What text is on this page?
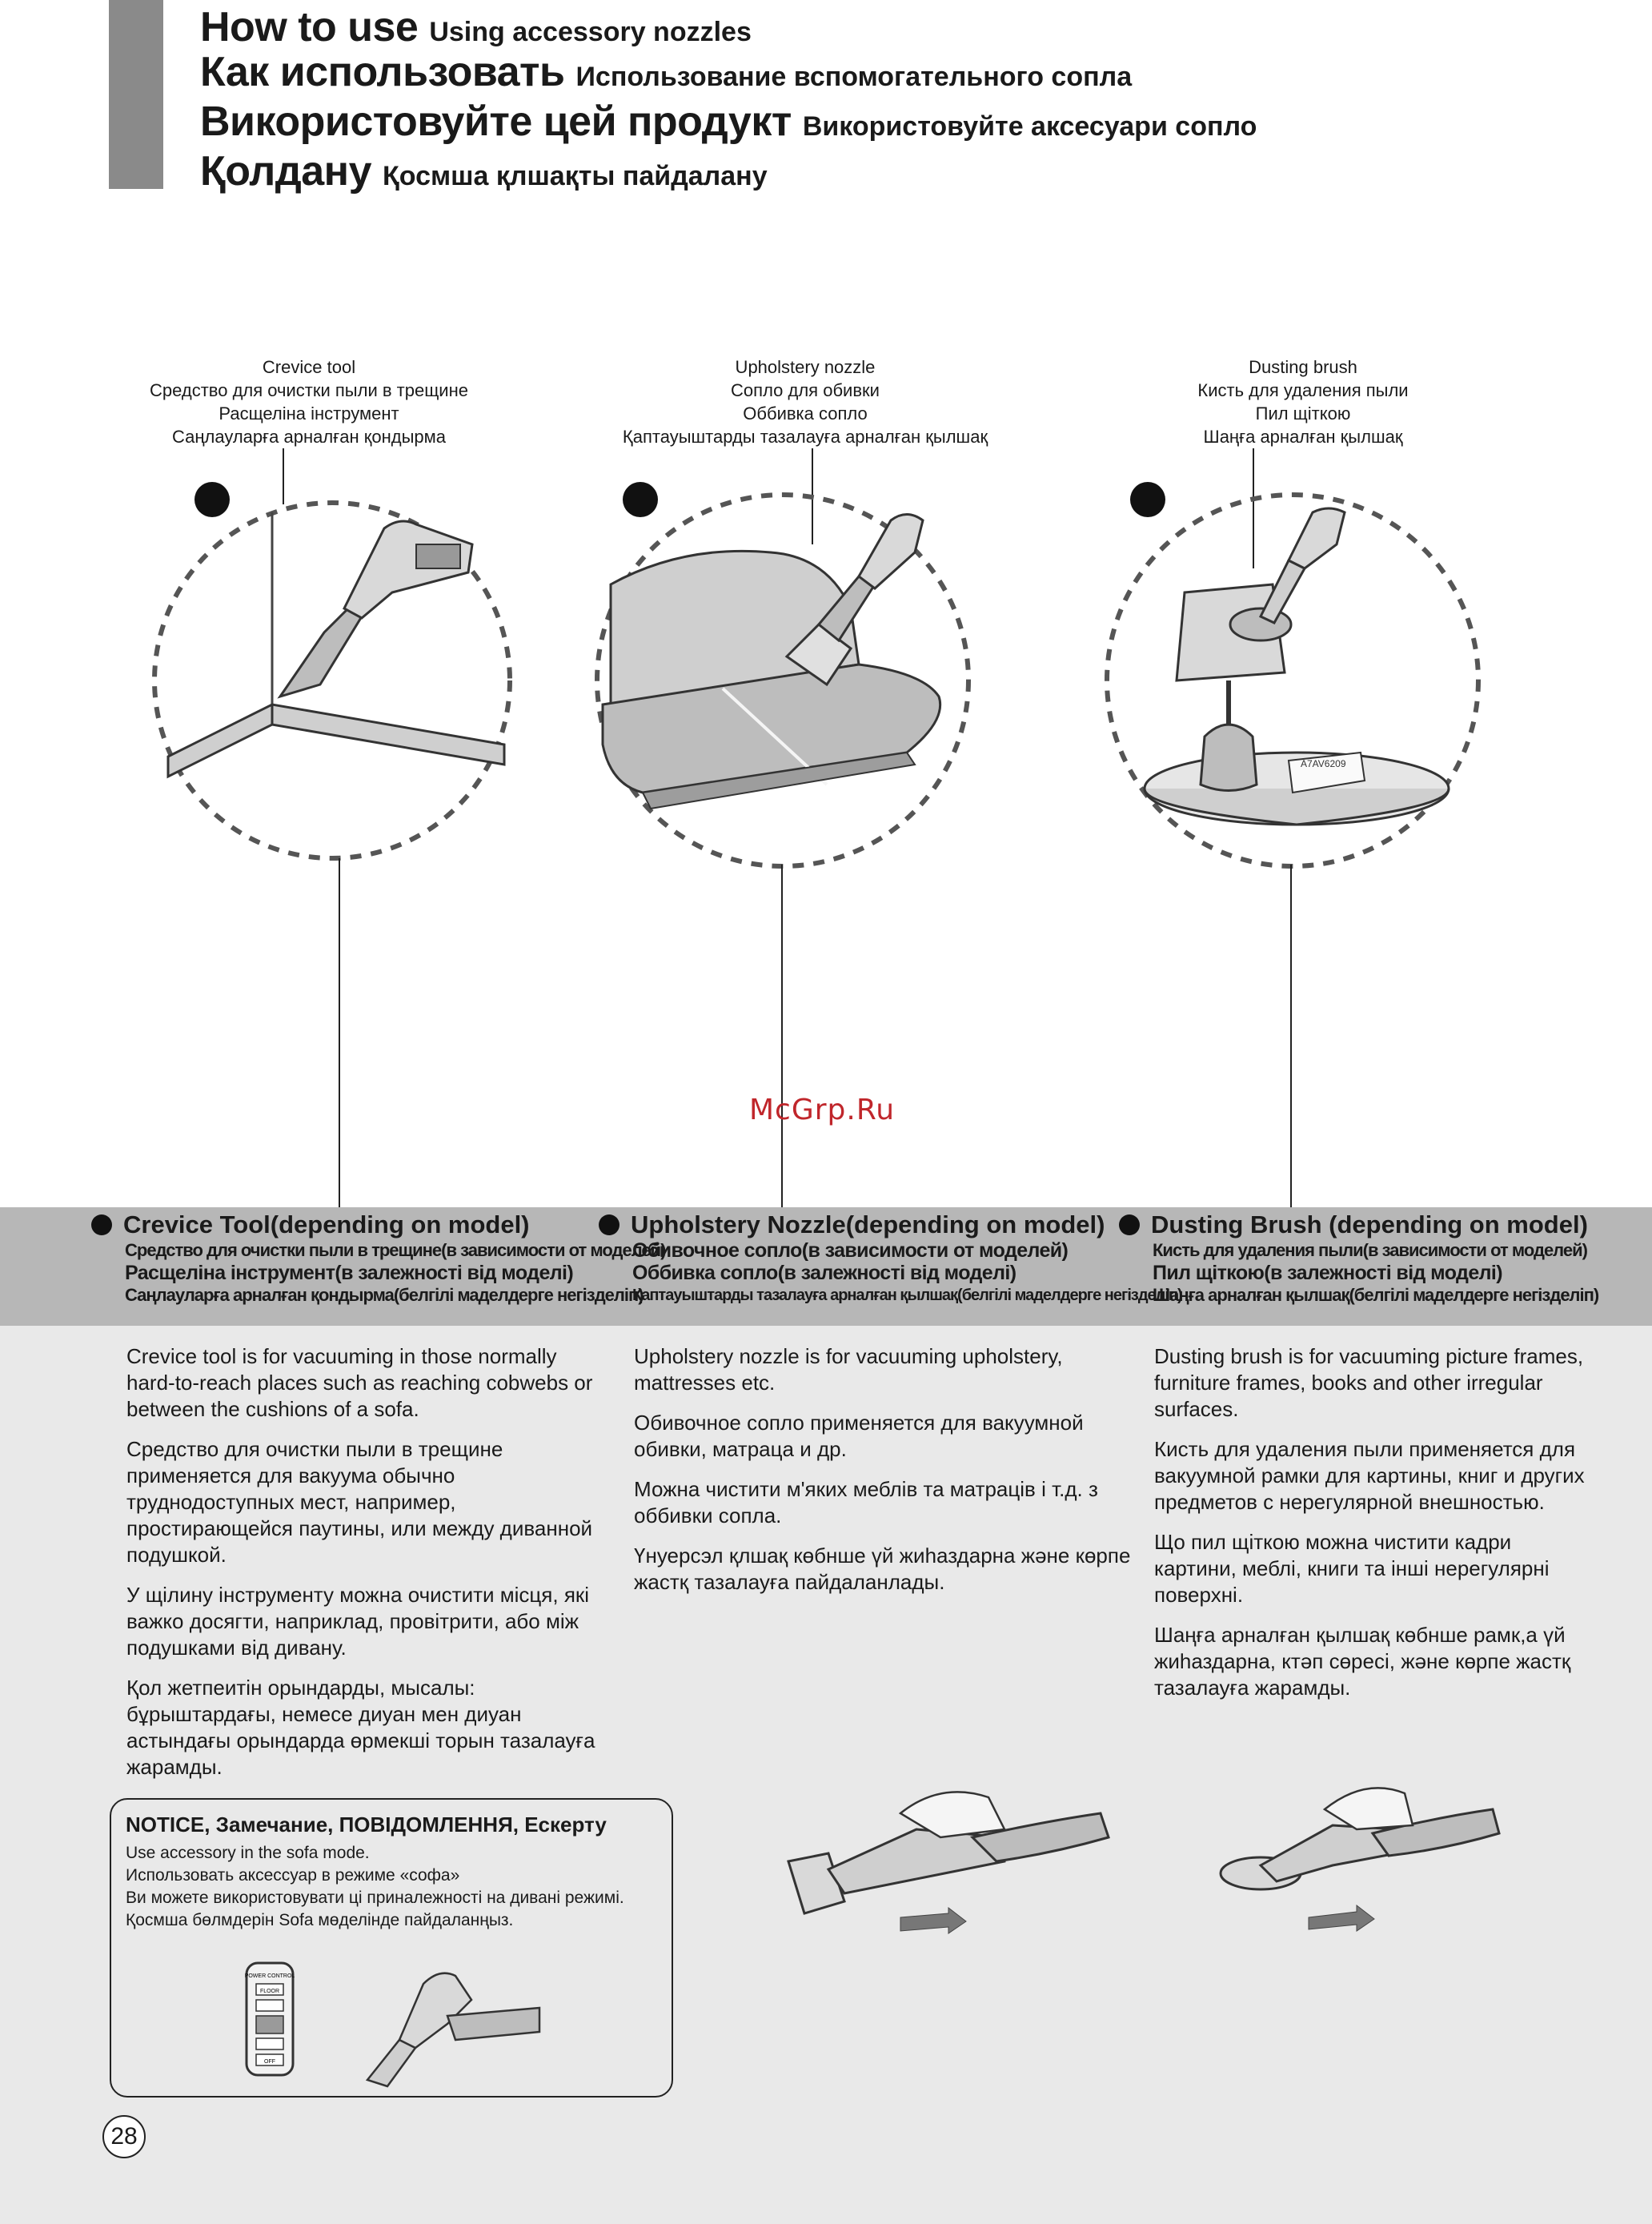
How to use Using accessory nozzles
Как использовать Использование вспомогательного сопла
Використовуйте цей продукт Використовуйте аксесуари сопло
Қолдану Қосмша қлшақты пайдалану
Crevice tool
Средство для очистки пыли в трещине
Расщеліна інструмент
Саңлауларға арналған қондырма
Upholstery nozzle
Сопло для обивки
Оббивка сопло
Қаптауыштарды тазалауға арналған қылшақ
Dusting brush
Кисть для удаления пыли
Пил щіткою
Шаңға арналған қылшақ
A7AV6209
McGrp.Ru
Crevice Tool(depending on model)
Средство для очистки пыли в трещине(в зависимости от моделей)
Расщеліна інструмент(в залежності від моделі)
Саңлауларға арналған қондырма(белгілі маделдерге негізделіп)
Upholstery Nozzle(depending on model)
Обивочное сопло(в зависимости от моделей)
Оббивка сопло(в залежності від моделі)
Қаптауыштарды тазалауға арналған қылшақ(белгілі маделдерге негізделіп)
Dusting Brush (depending on model)
Кисть для удаления пыли(в зависимости от моделей)
Пил щіткою(в залежності від моделі)
Шаңға арналған қылшақ(белгілі маделдерге негізделіп)

Crevice tool is for vacuuming in those normally hard-to-reach places such as reaching cobwebs or between the cushions of a sofa.

Средство для очистки пыли в трещине применяется для вакуума обычно труднодоступных мест, например, простирающейся паутины, или между диванной подушкой.

У щілину інструменту можна очистити місця, які важко досягти, наприклад, провітрити, або між подушками від дивану.

Қол жетпеитін орындарды, мысалы: бұрыштардағы, немесе диуан мен диуан астындағы орындарда өрмекші торын тазалауға жарамды.

Upholstery nozzle is for vacuuming upholstery, mattresses etc.

Обивочное сопло применяется для вакуумной обивки, матраца и др.

Можна чистити м'яких меблів та матраців і т.д. з оббивки сопла.

Үнуерсэл қлшақ көбнше үй жиһаздарна және көрпе жастқ тазалауға пайдаланлады.

Dusting brush is for vacuuming picture frames, furniture frames, books and other irregular surfaces.

Кисть для удаления пыли применяется для вакуумной рамки для картины, книг и других предметов с нерегулярной внешностью.

Що пил щіткою можна чистити кадри картини, меблі, книги та інші нерегулярні поверхні.

Шаңға арналған қылшақ көбнше рамк,а үй жиһаздарна, ктəп сөресі, және көрпе жастқ тазалауға жарамды.

NOTICE, Замечание, ПОВІДОМЛЕННЯ, Ескерту
Use accessory in the sofa mode.
Использовать аксессуар в режиме «софа»
Ви можете використовувати ці приналежності на дивані режимі.
Қосмша бөлмдерін Sofa мөделінде пайдаланңыз.
POWER CONTROL
FLOOR
OFF
28
